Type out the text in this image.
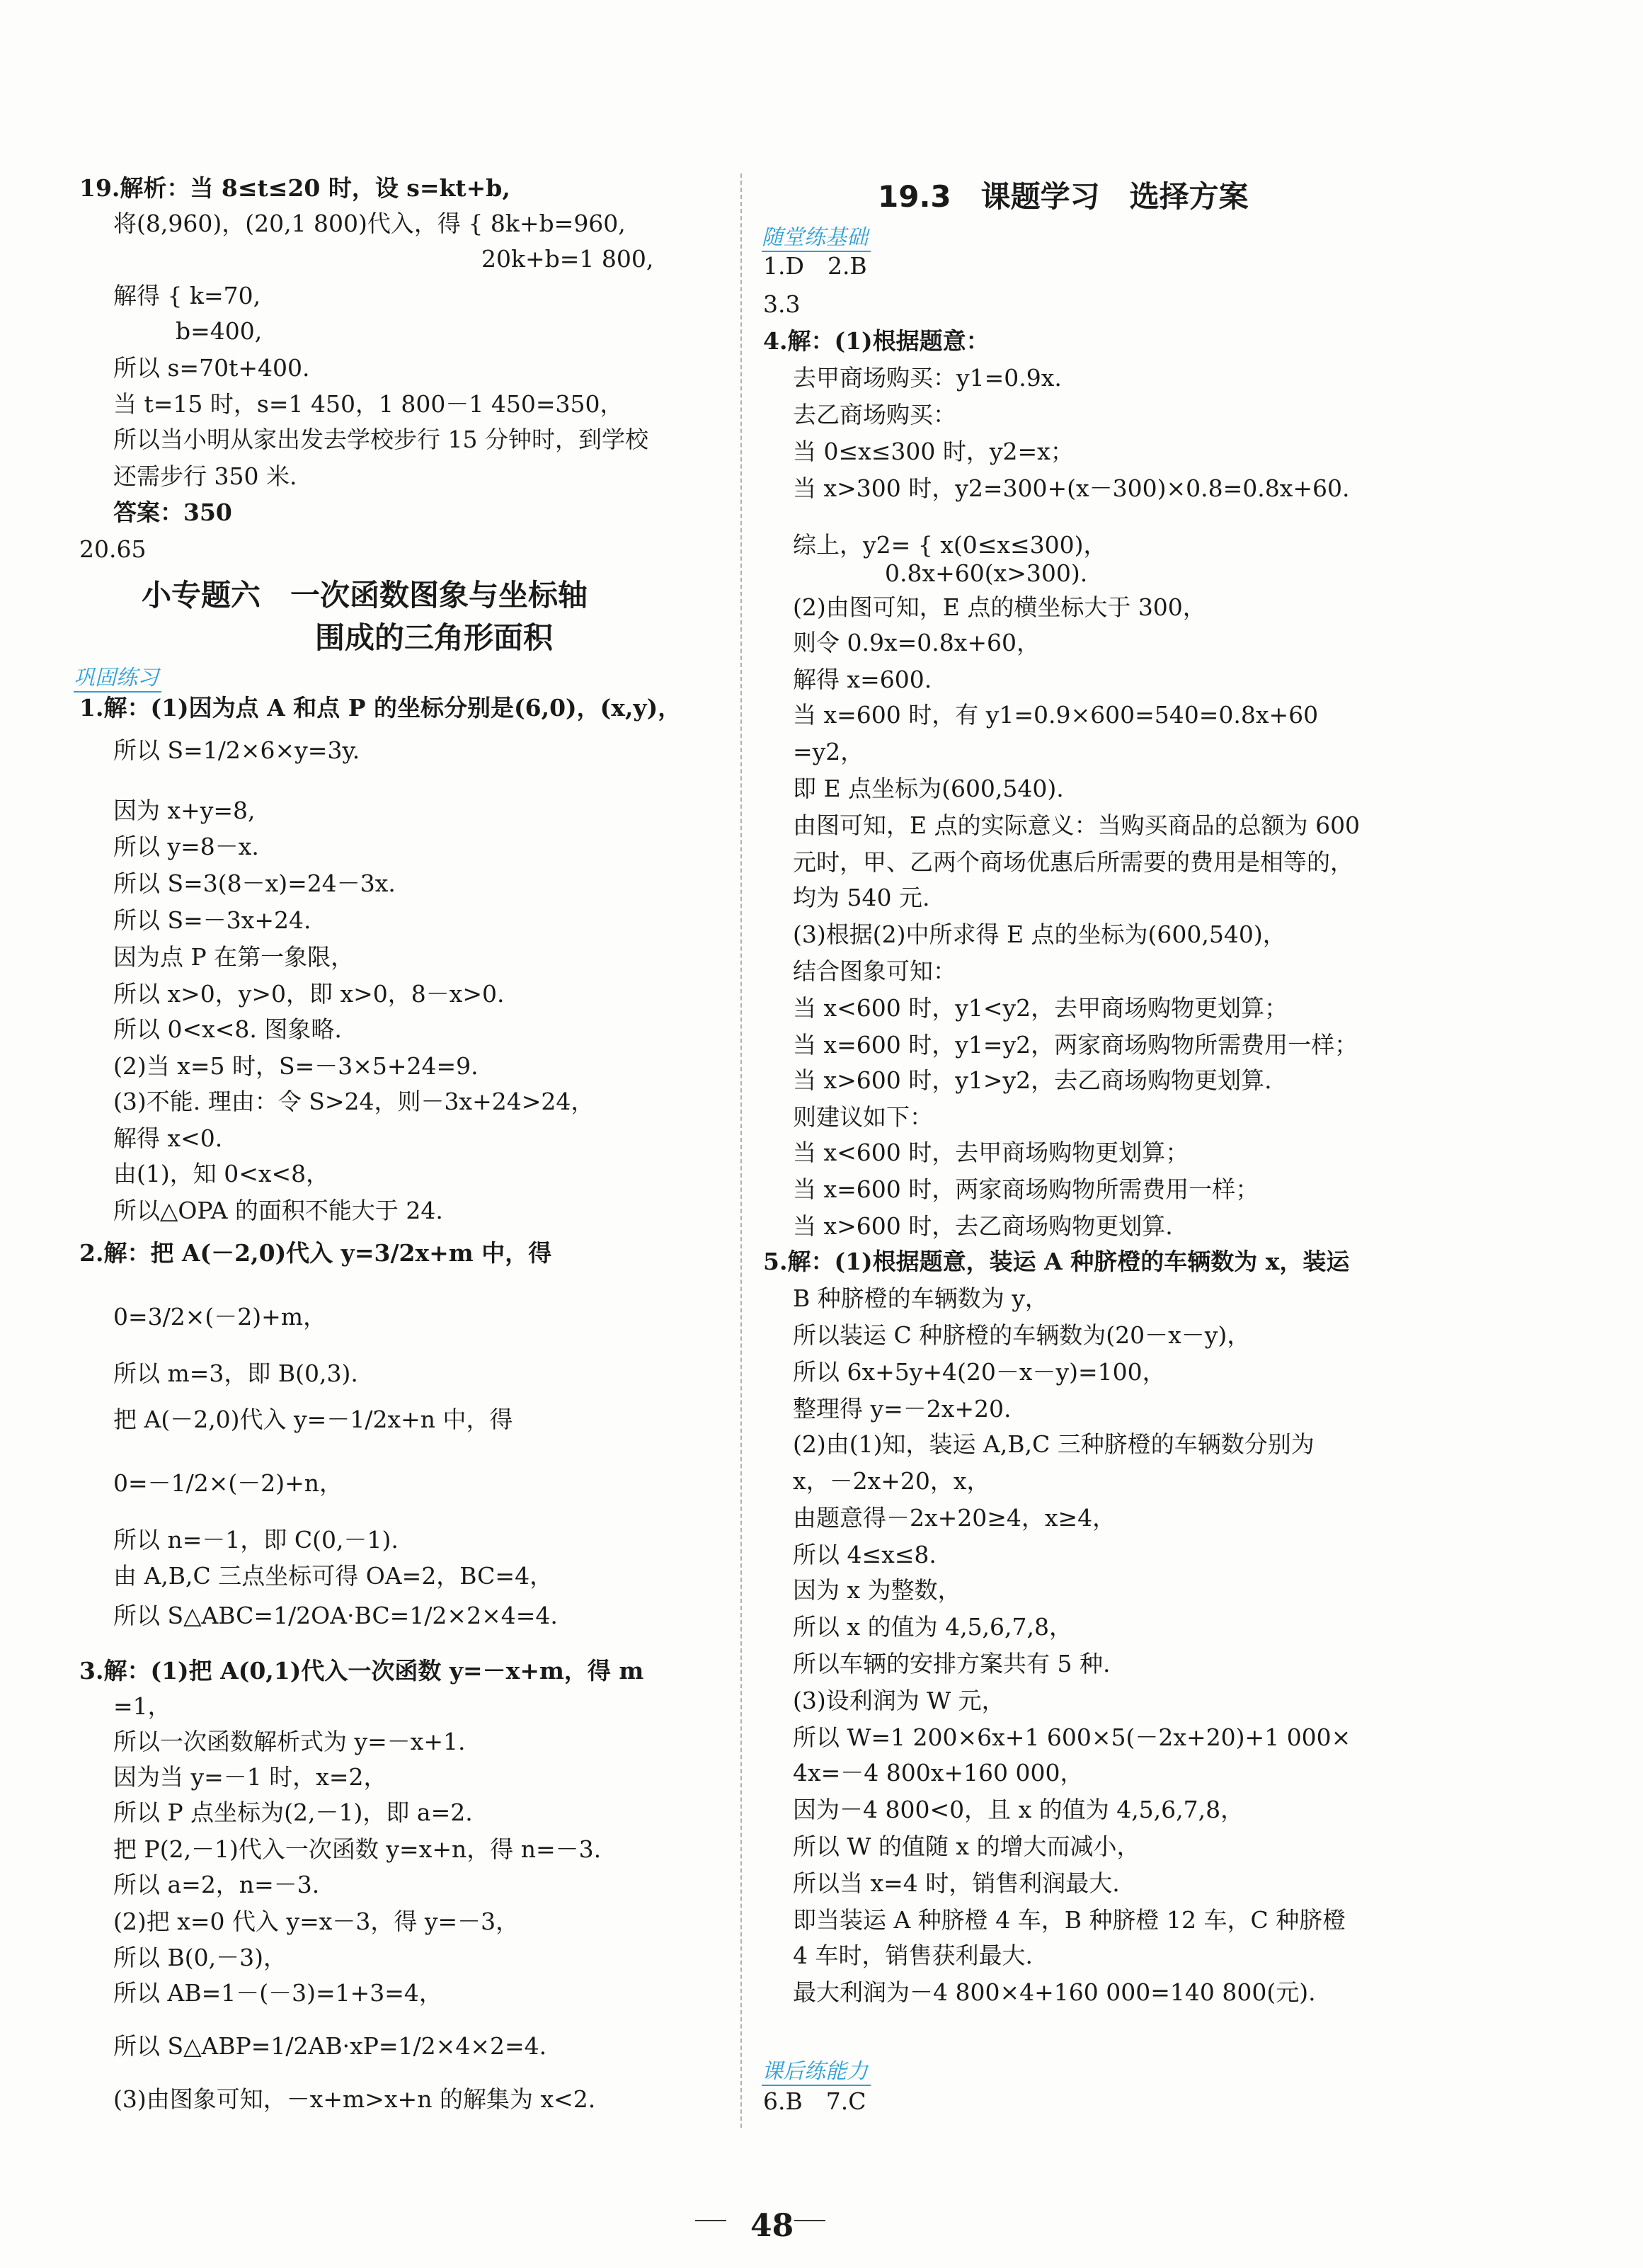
48
19.解析：当 8≤t≤20 时，设 s=kt+b,
将(8,960)，(20,1 800)代入，得 { 8k+b=960,
20k+b=1 800,
解得 { k=70,
b=400,
所以 s=70t+400.
当 t=15 时，s=1 450，1 800－1 450=350，
所以当小明从家出发去学校步行 15 分钟时，到学校
还需步行 350 米.
答案：350
20.65
小专题六　一次函数图象与坐标轴
围成的三角形面积
巩固练习
1.解：(1)因为点 A 和点 P 的坐标分别是(6,0)，(x,y)，
所以 S=1/2×6×y=3y.
因为 x+y=8,
所以 y=8－x.
所以 S=3(8－x)=24－3x.
所以 S=－3x+24.
因为点 P 在第一象限，
所以 x>0，y>0，即 x>0，8－x>0.
所以 0<x<8. 图象略.
(2)当 x=5 时，S=－3×5+24=9.
(3)不能. 理由：令 S>24，则－3x+24>24，
解得 x<0.
由(1)，知 0<x<8，
所以△OPA 的面积不能大于 24.
2.解：把 A(－2,0)代入 y=3/2x+m 中，得
0=3/2×(－2)+m，
所以 m=3，即 B(0,3).
把 A(－2,0)代入 y=－1/2x+n 中，得
0=－1/2×(－2)+n，
所以 n=－1，即 C(0,－1).
由 A,B,C 三点坐标可得 OA=2，BC=4，
所以 S△ABC=1/2OA·BC=1/2×2×4=4.
3.解：(1)把 A(0,1)代入一次函数 y=－x+m，得 m
=1，
所以一次函数解析式为 y=－x+1.
因为当 y=－1 时，x=2，
所以 P 点坐标为(2,－1)，即 a=2.
把 P(2,－1)代入一次函数 y=x+n，得 n=－3.
所以 a=2，n=－3.
(2)把 x=0 代入 y=x－3，得 y=－3，
所以 B(0,－3)，
所以 AB=1－(－3)=1+3=4，
所以 S△ABP=1/2AB·xP=1/2×4×2=4.
(3)由图象可知，－x+m>x+n 的解集为 x<2.
19.3　课题学习　选择方案
随堂练基础
1.D　2.B
3.3
4.解：(1)根据题意：
去甲商场购买：y1=0.9x.
去乙商场购买：
当 0≤x≤300 时，y2=x；
当 x>300 时，y2=300+(x－300)×0.8=0.8x+60.
综上，y2= { x(0≤x≤300)，
0.8x+60(x>300).
(2)由图可知，E 点的横坐标大于 300，
则令 0.9x=0.8x+60，
解得 x=600.
当 x=600 时，有 y1=0.9×600=540=0.8x+60
=y2，
即 E 点坐标为(600,540).
由图可知，E 点的实际意义：当购买商品的总额为 600
元时，甲、乙两个商场优惠后所需要的费用是相等的，
均为 540 元.
(3)根据(2)中所求得 E 点的坐标为(600,540)，
结合图象可知：
当 x<600 时，y1<y2，去甲商场购物更划算；
当 x=600 时，y1=y2，两家商场购物所需费用一样；
当 x>600 时，y1>y2，去乙商场购物更划算.
则建议如下：
当 x<600 时，去甲商场购物更划算；
当 x=600 时，两家商场购物所需费用一样；
当 x>600 时，去乙商场购物更划算.
5.解：(1)根据题意，装运 A 种脐橙的车辆数为 x，装运
B 种脐橙的车辆数为 y，
所以装运 C 种脐橙的车辆数为(20－x－y)，
所以 6x+5y+4(20－x－y)=100，
整理得 y=－2x+20.
(2)由(1)知，装运 A,B,C 三种脐橙的车辆数分别为
x，－2x+20，x，
由题意得－2x+20≥4，x≥4，
所以 4≤x≤8.
因为 x 为整数，
所以 x 的值为 4,5,6,7,8，
所以车辆的安排方案共有 5 种.
(3)设利润为 W 元，
所以 W=1 200×6x+1 600×5(－2x+20)+1 000×
4x=－4 800x+160 000，
因为－4 800<0，且 x 的值为 4,5,6,7,8，
所以 W 的值随 x 的增大而减小，
所以当 x=4 时，销售利润最大.
即当装运 A 种脐橙 4 车，B 种脐橙 12 车，C 种脐橙
4 车时，销售获利最大.
最大利润为－4 800×4+160 000=140 800(元).
课后练能力
6.B　7.C
